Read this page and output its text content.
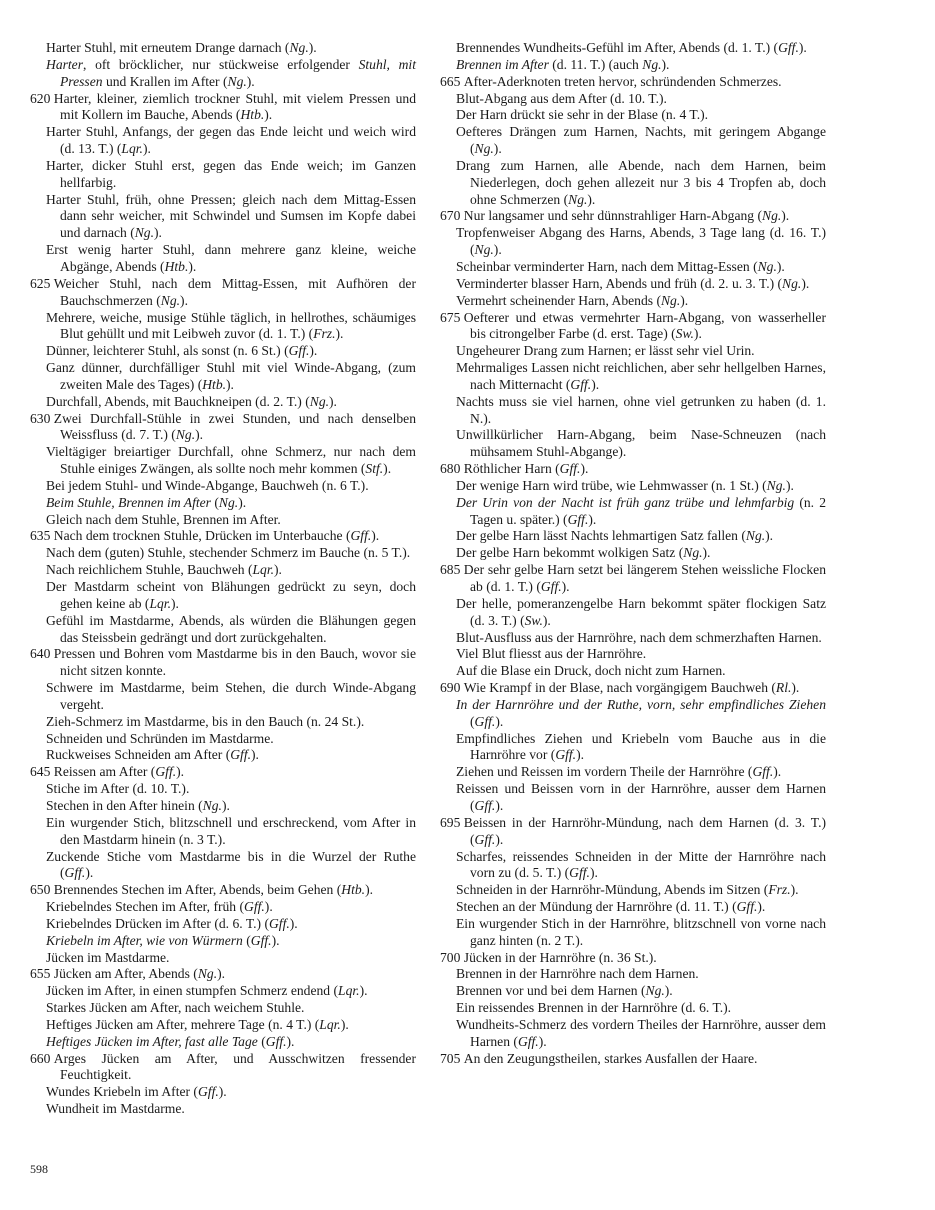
Harter Stuhl, mit erneutem Drange darnach (Ng.).
Harter, oft bröcklicher, nur stückweise erfolgender Stuhl, mit Pressen und Krallen im After (Ng.).
620 Harter, kleiner, ziemlich trockner Stuhl, mit vielem Pressen und mit Kollern im Bauche, Abends (Htb.).
Harter Stuhl, Anfangs, der gegen das Ende leicht und weich wird (d. 13. T.) (Lqr.).
Harter, dicker Stuhl erst, gegen das Ende weich; im Ganzen hellfarbig.
Harter Stuhl, früh, ohne Pressen; gleich nach dem Mittag-Essen dann sehr weicher, mit Schwindel und Sumsen im Kopfe dabei und darnach (Ng.).
Erst wenig harter Stuhl, dann mehrere ganz kleine, weiche Abgänge, Abends (Htb.).
625 Weicher Stuhl, nach dem Mittag-Essen, mit Aufhören der Bauchschmerzen (Ng.).
Mehrere, weiche, musige Stühle täglich, in hellrothes, schäumiges Blut gehüllt und mit Leibweh zuvor (d. 1. T.) (Frz.).
Dünner, leichterer Stuhl, als sonst (n. 6 St.) (Gff.).
Ganz dünner, durchfälliger Stuhl mit viel Winde-Abgang, (zum zweiten Male des Tages) (Htb.).
Durchfall, Abends, mit Bauchkneipen (d. 2. T.) (Ng.).
630 Zwei Durchfall-Stühle in zwei Stunden, und nach denselben Weissfluss (d. 7. T.) (Ng.).
Vieltägiger breiartiger Durchfall, ohne Schmerz, nur nach dem Stuhle einiges Zwängen, als sollte noch mehr kommen (Stf.).
Bei jedem Stuhl- und Winde-Abgange, Bauchweh (n. 6 T.).
Beim Stuhle, Brennen im After (Ng.).
Gleich nach dem Stuhle, Brennen im After.
635 Nach dem trocknen Stuhle, Drücken im Unterbauche (Gff.).
Nach dem (guten) Stuhle, stechender Schmerz im Bauche (n. 5 T.).
Nach reichlichem Stuhle, Bauchweh (Lqr.).
Der Mastdarm scheint von Blähungen gedrückt zu seyn, doch gehen keine ab (Lqr.).
Gefühl im Mastdarme, Abends, als würden die Blähungen gegen das Steissbein gedrängt und dort zurückgehalten.
640 Pressen und Bohren vom Mastdarme bis in den Bauch, wovor sie nicht sitzen konnte.
Schwere im Mastdarme, beim Stehen, die durch Winde-Abgang vergeht.
Zieh-Schmerz im Mastdarme, bis in den Bauch (n. 24 St.).
Schneiden und Schründen im Mastdarme.
Ruckweises Schneiden am After (Gff.).
645 Reissen am After (Gff.).
Stiche im After (d. 10. T.).
Stechen in den After hinein (Ng.).
Ein wurgender Stich, blitzschnell und erschreckend, vom After in den Mastdarm hinein (n. 3 T.).
Zuckende Stiche vom Mastdarme bis in die Wurzel der Ruthe (Gff.).
650 Brennendes Stechen im After, Abends, beim Gehen (Htb.).
Kriebelndes Stechen im After, früh (Gff.).
Kriebelndes Drücken im After (d. 6. T.) (Gff.).
Kriebeln im After, wie von Würmern (Gff.).
Jücken im Mastdarme.
655 Jücken am After, Abends (Ng.).
Jücken im After, in einen stumpfen Schmerz endend (Lqr.).
Starkes Jücken am After, nach weichem Stuhle.
Heftiges Jücken am After, mehrere Tage (n. 4 T.) (Lqr.).
Heftiges Jücken im After, fast alle Tage (Gff.).
660 Arges Jücken am After, und Ausschwitzen fressender Feuchtigkeit.
Wundes Kriebeln im After (Gff.).
Wundheit im Mastdarme.
Brennendes Wundheits-Gefühl im After, Abends (d. 1. T.) (Gff.).
Brennen im After (d. 11. T.) (auch Ng.).
665 After-Aderknoten treten hervor, schründenden Schmerzes.
Blut-Abgang aus dem After (d. 10. T.).
Der Harn drückt sie sehr in der Blase (n. 4 T.).
Oefteres Drängen zum Harnen, Nachts, mit geringem Abgange (Ng.).
Drang zum Harnen, alle Abende, nach dem Harnen, beim Niederlegen, doch gehen allezeit nur 3 bis 4 Tropfen ab, doch ohne Schmerzen (Ng.).
670 Nur langsamer und sehr dünnstrahliger Harn-Abgang (Ng.).
Tropfenweiser Abgang des Harns, Abends, 3 Tage lang (d. 16. T.) (Ng.).
Scheinbar verminderter Harn, nach dem Mittag-Essen (Ng.).
Verminderter blasser Harn, Abends und früh (d. 2. u. 3. T.) (Ng.).
Vermehrt scheinender Harn, Abends (Ng.).
675 Oefterer und etwas vermehrter Harn-Abgang, von wasserheller bis citrongelber Farbe (d. erst. Tage) (Sw.).
Ungeheurer Drang zum Harnen; er lässt sehr viel Urin.
Mehrmaliges Lassen nicht reichlichen, aber sehr hellgelben Harnes, nach Mitternacht (Gff.).
Nachts muss sie viel harnen, ohne viel getrunken zu haben (d. 1. N.).
Unwillkürlicher Harn-Abgang, beim Nase-Schneuzen (nach mühsamem Stuhl-Abgange).
680 Röthlicher Harn (Gff.).
Der wenige Harn wird trübe, wie Lehmwasser (n. 1 St.) (Ng.).
Der Urin von der Nacht ist früh ganz trübe und lehmfarbig (n. 2 Tagen u. später.) (Gff.).
Der gelbe Harn lässt Nachts lehmartigen Satz fallen (Ng.).
Der gelbe Harn bekommt wolkigen Satz (Ng.).
685 Der sehr gelbe Harn setzt bei längerem Stehen weissliche Flocken ab (d. 1. T.) (Gff.).
Der helle, pomeranzengelbe Harn bekommt später flockigen Satz (d. 3. T.) (Sw.).
Blut-Ausfluss aus der Harnröhre, nach dem schmerzhaften Harnen.
Viel Blut fliesst aus der Harnröhre.
Auf die Blase ein Druck, doch nicht zum Harnen.
690 Wie Krampf in der Blase, nach vorgängigem Bauchweh (Rl.).
In der Harnröhre und der Ruthe, vorn, sehr empfindliches Ziehen (Gff.).
Empfindliches Ziehen und Kriebeln vom Bauche aus in die Harnröhre vor (Gff.).
Ziehen und Reissen im vordern Theile der Harnröhre (Gff.).
Reissen und Beissen vorn in der Harnröhre, ausser dem Harnen (Gff.).
695 Beissen in der Harnröhr-Mündung, nach dem Harnen (d. 3. T.) (Gff.).
Scharfes, reissendes Schneiden in der Mitte der Harnröhre nach vorn zu (d. 5. T.) (Gff.).
Schneiden in der Harnröhr-Mündung, Abends im Sitzen (Frz.).
Stechen an der Mündung der Harnröhre (d. 11. T.) (Gff.).
Ein wurgender Stich in der Harnröhre, blitzschnell von vorne nach ganz hinten (n. 2 T.).
700 Jücken in der Harnröhre (n. 36 St.).
Brennen in der Harnröhre nach dem Harnen.
Brennen vor und bei dem Harnen (Ng.).
Ein reissendes Brennen in der Harnröhre (d. 6. T.).
Wundheits-Schmerz des vordern Theiles der Harnröhre, ausser dem Harnen (Gff.).
705 An den Zeugungstheilen, starkes Ausfallen der Haare.
598
